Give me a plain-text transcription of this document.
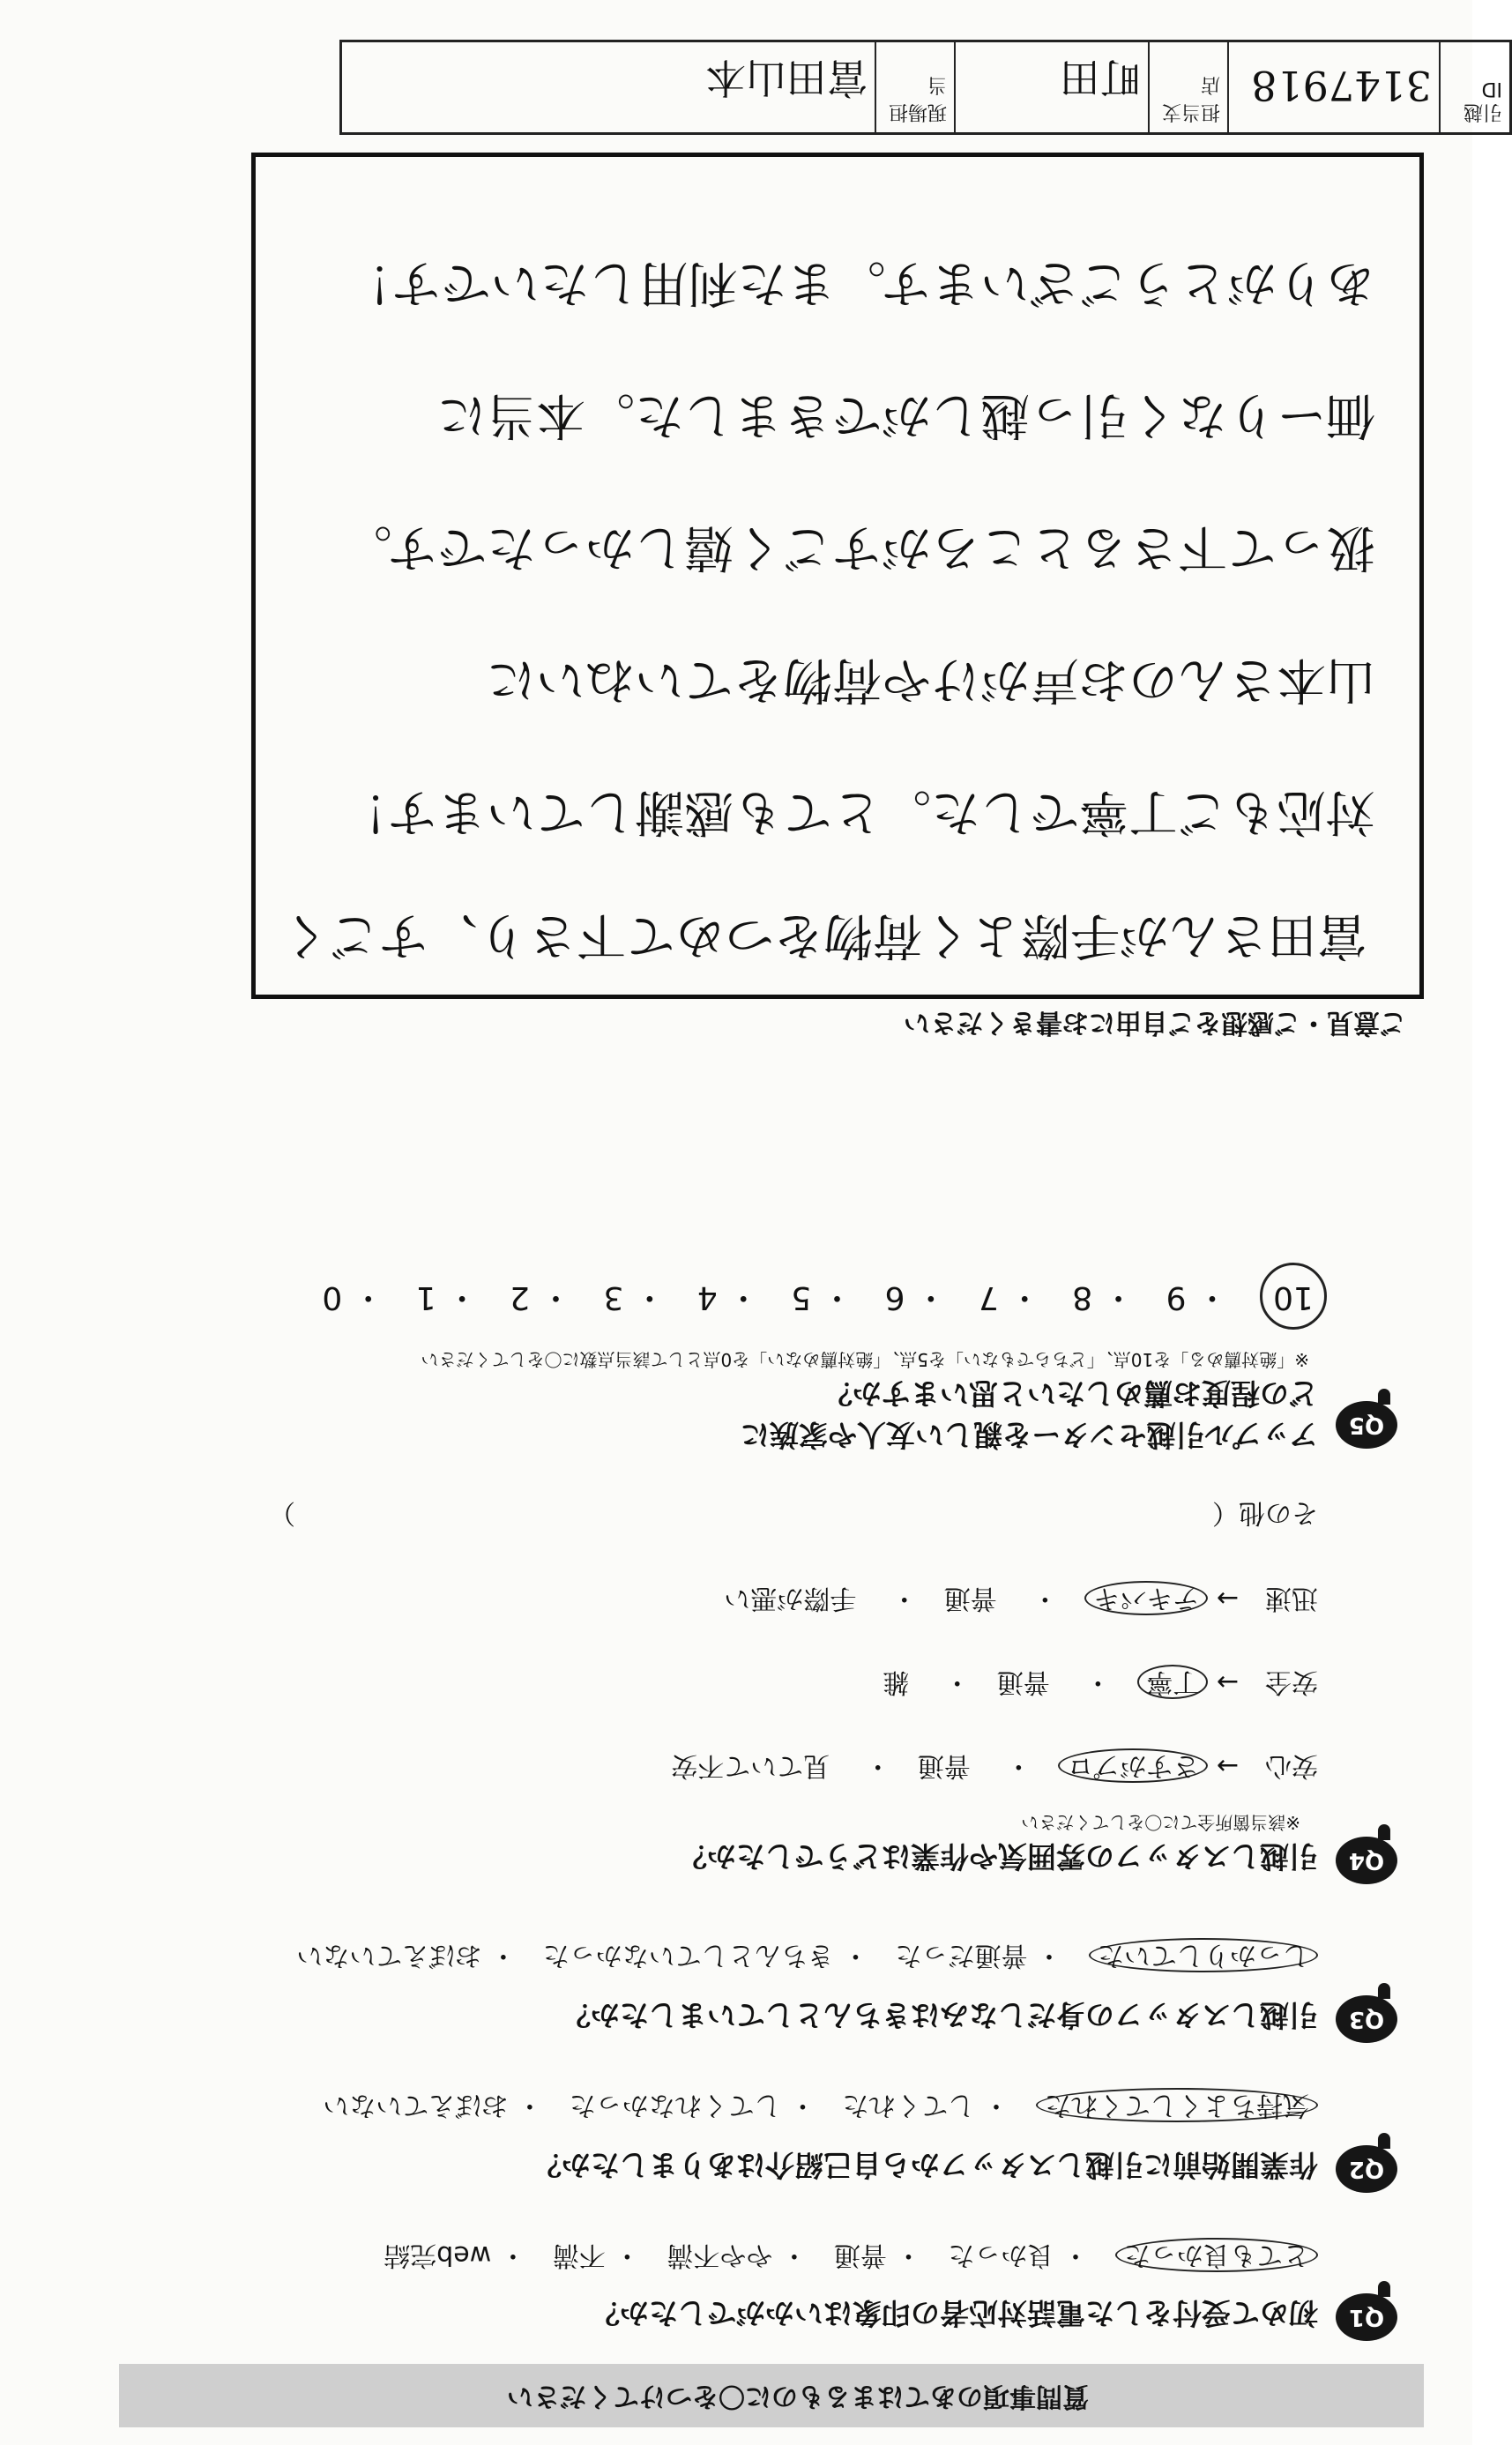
質問事項のあてはまるものに〇をつけてください
Q1
初めて受付をした電話対応者の印象はいかがでしたか？
とても良かった　・ 良かった　・ 普通　・ やや不満　・ 不満　・ web完結
Q2
作業開始前に引越しスタッフから自己紹介はありましたか？
気持ちよくしてくれた　・ してくれた　・ してくれなかった　・ おぼえていない
Q3
引越しスタッフの身だしなみはきちんとしていましたか？
しっかりしていた　・ 普通だった　・ きちんとしていなかった　・ おぼえていない
Q4
引越しスタッフの雰囲気や作業はどうでしたか？
※該当箇所全てに〇をしてください
安心　→ さすがプロ　・　 普通　・　 見ていて不安
安全　→ 丁寧　・　 普通　・　 雑
迅速　→ テキパキ　・　 普通　・　 手際が悪い
その他（
）
Q5
アップル引越センターを親しい友人や家族に
どの程度お薦めしたいと思いますか？
※「絶対薦める」を10点、「どちらでもない」を5点、「絶対薦めない」を0点として該当点数に〇をしてください
10　・ 9　・ 8　・ 7　・ 6　・ 5　・ 4　・ 3　・ 2　・ 1　・ 0
ご意見・ご感想をご自由にお書きください
富田さんが手際よく荷物をつめて下さり、すごく
対応もご丁寧でした。とても感謝しています！
山本さんのお声がけや荷物をていねいに
扱って下さるところがすごく嬉しかったです。
価ーりなく引っ越しができました。本当に
ありがとうございます。また利用したいです！
引越ID
3147918
担当支店
町田
現場担当
富田山本
